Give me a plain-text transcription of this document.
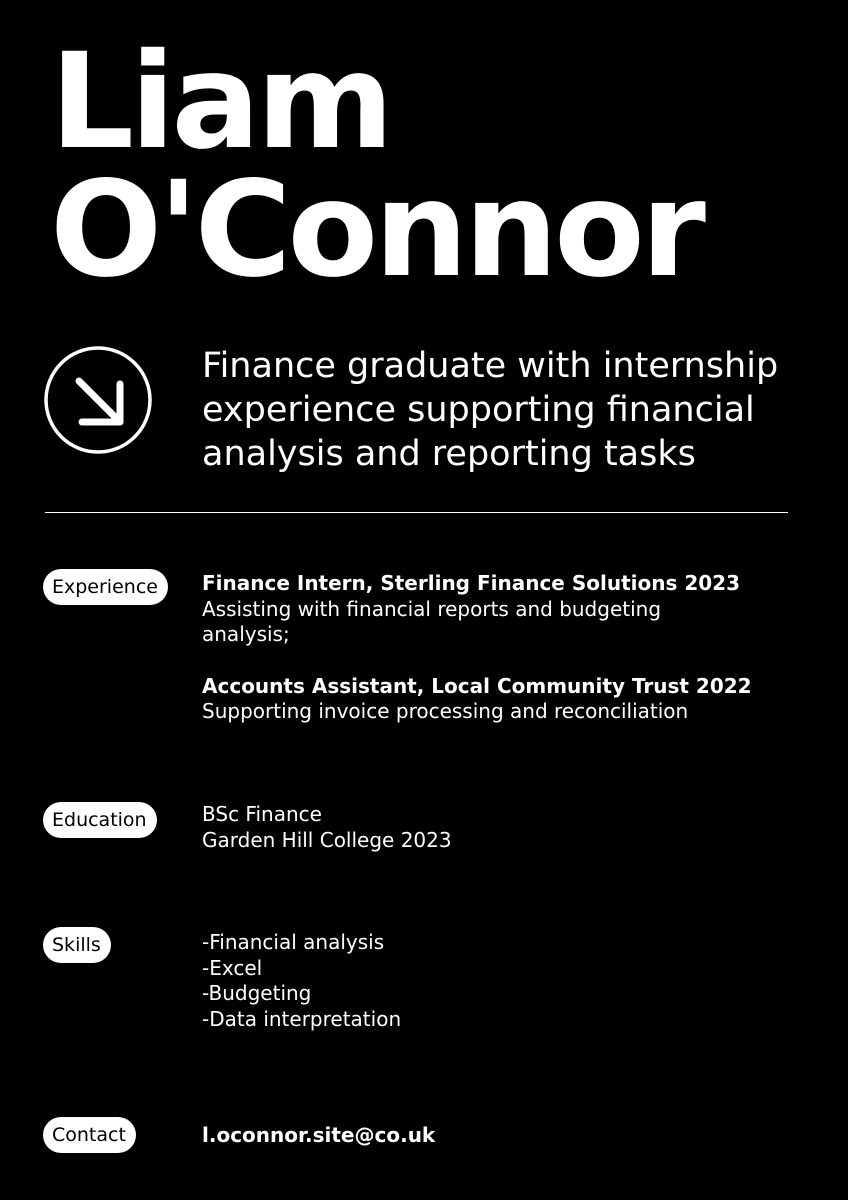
Liam
O'Connor

Finance graduate with internship experience supporting financial analysis and reporting tasks

Experience	Finance Intern, Sterling Finance Solutions 2023
Assisting with financial reports and budgeting analysis;
Accounts Assistant, Local Community Trust 2022
Supporting invoice processing and reconciliation
Education	BSc Finance
Garden Hill College 2023
Skills	-Financial analysis
-Excel
-Budgeting
-Data interpretation
Contact	l.oconnor.site@co.uk
